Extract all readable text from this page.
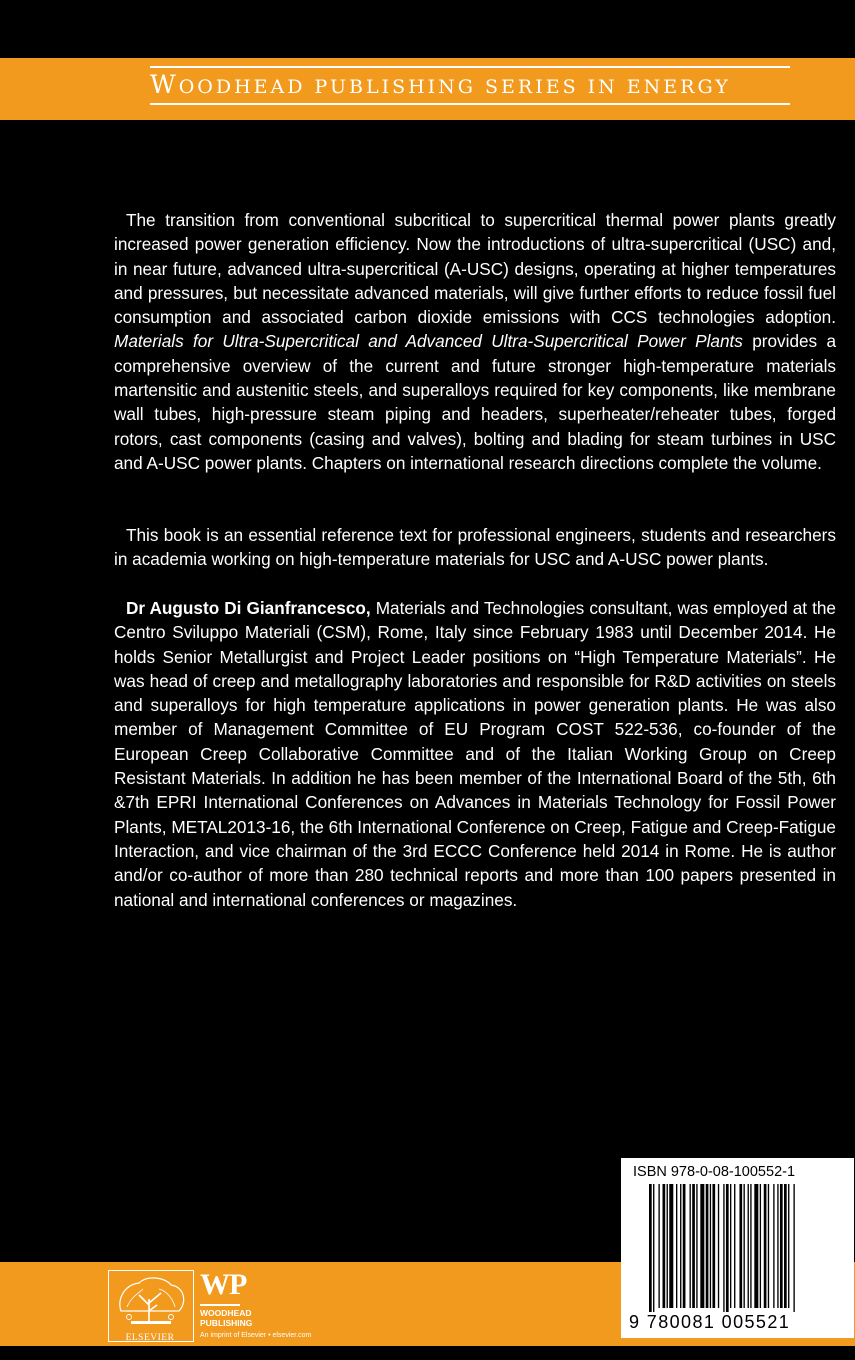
WOODHEAD PUBLISHING SERIES IN ENERGY

The transition from conventional subcritical to supercritical thermal power plants greatly increased power generation efficiency. Now the introductions of ultra-supercritical (USC) and, in near future, advanced ultra-supercritical (A-USC) designs, operating at higher temperatures and pressures, but necessitate advanced materials, will give further efforts to reduce fossil fuel consumption and associated carbon dioxide emissions with CCS technologies adoption. Materials for Ultra-Supercritical and Advanced Ultra-Supercritical Power Plants provides a comprehensive overview of the current and future stronger high-temperature materials martensitic and austenitic steels, and superalloys required for key components, like membrane wall tubes, high-pressure steam piping and headers, superheater/reheater tubes, forged rotors, cast components (casing and valves), bolting and blading for steam turbines in USC and A-USC power plants. Chapters on international research directions complete the volume.

This book is an essential reference text for professional engineers, students and researchers in academia working on high-temperature materials for USC and A-USC power plants.

Dr Augusto Di Gianfrancesco, Materials and Technologies consultant, was employed at the Centro Sviluppo Materiali (CSM), Rome, Italy since February 1983 until December 2014. He holds Senior Metallurgist and Project Leader positions on “High Temperature Materials”. He was head of creep and metallography laboratories and responsible for R&D activities on steels and superalloys for high temperature applications in power generation plants. He was also member of Management Committee of EU Program COST 522-536, co-founder of the European Creep Collaborative Committee and of the Italian Working Group on Creep Resistant Materials. In addition he has been member of the International Board of the 5th, 6th &7th EPRI International Conferences on Advances in Materials Technology for Fossil Power Plants, METAL2013-16, the 6th International Conference on Creep, Fatigue and Creep-Fatigue Interaction, and vice chairman of the 3rd ECCC Conference held 2014 in Rome. He is author and/or co-author of more than 280 technical reports and more than 100 papers presented in national and international conferences or magazines.

ELSEVIER
WP
WOODHEAD
PUBLISHING
An imprint of Elsevier • elsevier.com
ISBN 978-0-08-100552-1
9 780081 005521
